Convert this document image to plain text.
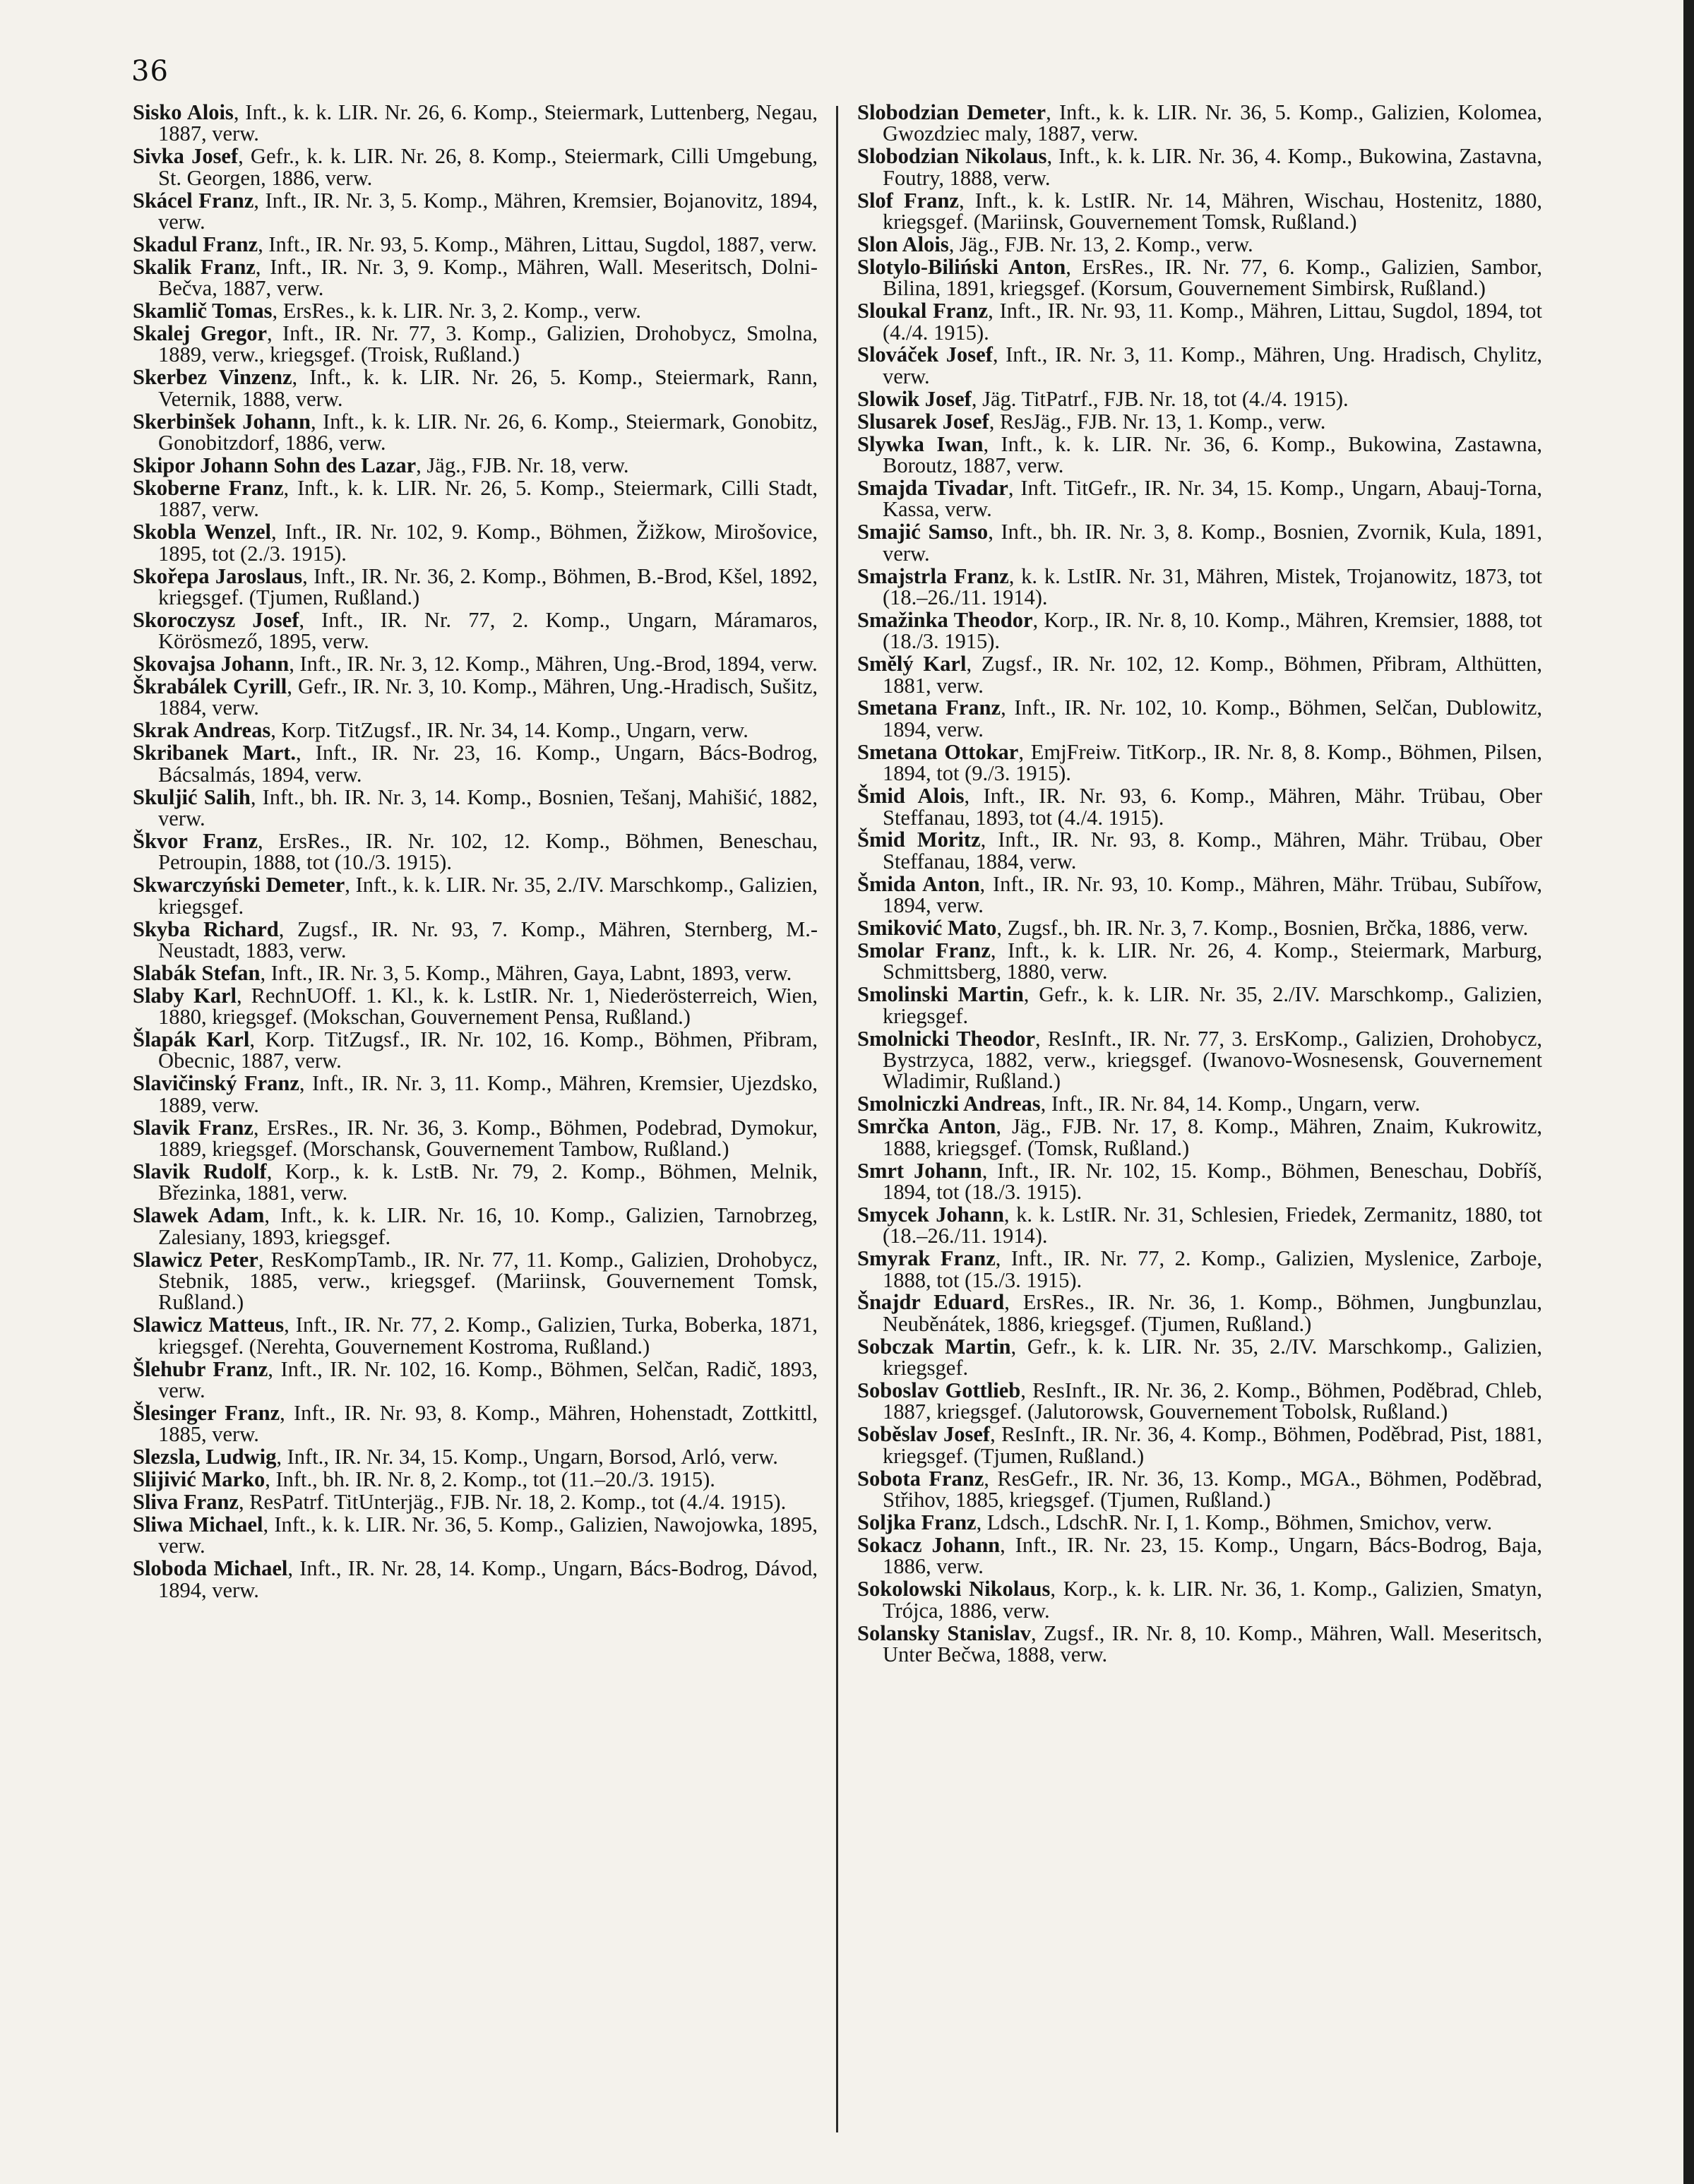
36

Sisko Alois, Inft., k. k. LIR. Nr. 26, 6. Komp., Steiermark, Luttenberg, Negau, 1887, verw.

Sivka Josef, Gefr., k. k. LIR. Nr. 26, 8. Komp., Steiermark, Cilli Umgebung, St. Georgen, 1886, verw.

Skácel Franz, Inft., IR. Nr. 3, 5. Komp., Mähren, Kremsier, Bojanovitz, 1894, verw.

Skadul Franz, Inft., IR. Nr. 93, 5. Komp., Mähren, Littau, Sugdol, 1887, verw.

Skalik Franz, Inft., IR. Nr. 3, 9. Komp., Mähren, Wall. Meseritsch, Dolni-Bečva, 1887, verw.

Skamlič Tomas, ErsRes., k. k. LIR. Nr. 3, 2. Komp., verw.

Skalej Gregor, Inft., IR. Nr. 77, 3. Komp., Galizien, Drohobycz, Smolna, 1889, verw., kriegsgef. (Troisk, Rußland.)

Skerbez Vinzenz, Inft., k. k. LIR. Nr. 26, 5. Komp., Steiermark, Rann, Veternik, 1888, verw.

Skerbinšek Johann, Inft., k. k. LIR. Nr. 26, 6. Komp., Steiermark, Gonobitz, Gonobitzdorf, 1886, verw.

Skipor Johann Sohn des Lazar, Jäg., FJB. Nr. 18, verw.

Skoberne Franz, Inft., k. k. LIR. Nr. 26, 5. Komp., Steiermark, Cilli Stadt, 1887, verw.

Skobla Wenzel, Inft., IR. Nr. 102, 9. Komp., Böhmen, Žižkow, Mirošovice, 1895, tot (2./3. 1915).

Skořepa Jaroslaus, Inft., IR. Nr. 36, 2. Komp., Böhmen, B.-Brod, Kšel, 1892, kriegsgef. (Tjumen, Rußland.)

Skoroczysz Josef, Inft., IR. Nr. 77, 2. Komp., Ungarn, Máramaros, Körösmező, 1895, verw.

Skovajsa Johann, Inft., IR. Nr. 3, 12. Komp., Mähren, Ung.-Brod, 1894, verw.

Škrabálek Cyrill, Gefr., IR. Nr. 3, 10. Komp., Mähren, Ung.-Hradisch, Sušitz, 1884, verw.

Skrak Andreas, Korp. TitZugsf., IR. Nr. 34, 14. Komp., Ungarn, verw.

Skribanek Mart., Inft., IR. Nr. 23, 16. Komp., Ungarn, Bács-Bodrog, Bácsalmás, 1894, verw.

Skuljić Salih, Inft., bh. IR. Nr. 3, 14. Komp., Bosnien, Tešanj, Mahišić, 1882, verw.

Škvor Franz, ErsRes., IR. Nr. 102, 12. Komp., Böhmen, Beneschau, Petroupin, 1888, tot (10./3. 1915).

Skwarczyński Demeter, Inft., k. k. LIR. Nr. 35, 2./IV. Marschkomp., Galizien, kriegsgef.

Skyba Richard, Zugsf., IR. Nr. 93, 7. Komp., Mähren, Sternberg, M.-Neustadt, 1883, verw.

Slabák Stefan, Inft., IR. Nr. 3, 5. Komp., Mähren, Gaya, Labnt, 1893, verw.

Slaby Karl, RechnUOff. 1. Kl., k. k. LstIR. Nr. 1, Niederösterreich, Wien, 1880, kriegsgef. (Mokschan, Gouvernement Pensa, Rußland.)

Šlapák Karl, Korp. TitZugsf., IR. Nr. 102, 16. Komp., Böhmen, Přibram, Obecnic, 1887, verw.

Slavičinský Franz, Inft., IR. Nr. 3, 11. Komp., Mähren, Kremsier, Ujezdsko, 1889, verw.

Slavik Franz, ErsRes., IR. Nr. 36, 3. Komp., Böhmen, Podebrad, Dymokur, 1889, kriegsgef. (Morschansk, Gouvernement Tambow, Rußland.)

Slavik Rudolf, Korp., k. k. LstB. Nr. 79, 2. Komp., Böhmen, Melnik, Březinka, 1881, verw.

Slawek Adam, Inft., k. k. LIR. Nr. 16, 10. Komp., Galizien, Tarnobrzeg, Zalesiany, 1893, kriegsgef.

Slawicz Peter, ResKompTamb., IR. Nr. 77, 11. Komp., Galizien, Drohobycz, Stebnik, 1885, verw., kriegsgef. (Mariinsk, Gouvernement Tomsk, Rußland.)

Slawicz Matteus, Inft., IR. Nr. 77, 2. Komp., Galizien, Turka, Boberka, 1871, kriegsgef. (Nerehta, Gouvernement Kostroma, Rußland.)

Šlehubr Franz, Inft., IR. Nr. 102, 16. Komp., Böhmen, Selčan, Radič, 1893, verw.

Šlesinger Franz, Inft., IR. Nr. 93, 8. Komp., Mähren, Hohenstadt, Zottkittl, 1885, verw.

Slezsla, Ludwig, Inft., IR. Nr. 34, 15. Komp., Ungarn, Borsod, Arló, verw.

Slijivić Marko, Inft., bh. IR. Nr. 8, 2. Komp., tot (11.–20./3. 1915).

Sliva Franz, ResPatrf. TitUnterjäg., FJB. Nr. 18, 2. Komp., tot (4./4. 1915).

Sliwa Michael, Inft., k. k. LIR. Nr. 36, 5. Komp., Galizien, Nawojowka, 1895, verw.

Sloboda Michael, Inft., IR. Nr. 28, 14. Komp., Ungarn, Bács-Bodrog, Dávod, 1894, verw.

Slobodzian Demeter, Inft., k. k. LIR. Nr. 36, 5. Komp., Galizien, Kolomea, Gwozdziec maly, 1887, verw.

Slobodzian Nikolaus, Inft., k. k. LIR. Nr. 36, 4. Komp., Bukowina, Zastavna, Foutry, 1888, verw.

Slof Franz, Inft., k. k. LstIR. Nr. 14, Mähren, Wischau, Hostenitz, 1880, kriegsgef. (Mariinsk, Gouvernement Tomsk, Rußland.)

Slon Alois, Jäg., FJB. Nr. 13, 2. Komp., verw.

Slotylo-Biliński Anton, ErsRes., IR. Nr. 77, 6. Komp., Galizien, Sambor, Bilina, 1891, kriegsgef. (Korsum, Gouvernement Simbirsk, Rußland.)

Sloukal Franz, Inft., IR. Nr. 93, 11. Komp., Mähren, Littau, Sugdol, 1894, tot (4./4. 1915).

Slováček Josef, Inft., IR. Nr. 3, 11. Komp., Mähren, Ung. Hradisch, Chylitz, verw.

Slowik Josef, Jäg. TitPatrf., FJB. Nr. 18, tot (4./4. 1915).

Slusarek Josef, ResJäg., FJB. Nr. 13, 1. Komp., verw.

Slywka Iwan, Inft., k. k. LIR. Nr. 36, 6. Komp., Bukowina, Zastawna, Boroutz, 1887, verw.

Smajda Tivadar, Inft. TitGefr., IR. Nr. 34, 15. Komp., Ungarn, Abauj-Torna, Kassa, verw.

Smajić Samso, Inft., bh. IR. Nr. 3, 8. Komp., Bosnien, Zvornik, Kula, 1891, verw.

Smajstrla Franz, k. k. LstIR. Nr. 31, Mähren, Mistek, Trojanowitz, 1873, tot (18.–26./11. 1914).

Smažinka Theodor, Korp., IR. Nr. 8, 10. Komp., Mähren, Kremsier, 1888, tot (18./3. 1915).

Smělý Karl, Zugsf., IR. Nr. 102, 12. Komp., Böhmen, Přibram, Althütten, 1881, verw.

Smetana Franz, Inft., IR. Nr. 102, 10. Komp., Böhmen, Selčan, Dublowitz, 1894, verw.

Smetana Ottokar, EmjFreiw. TitKorp., IR. Nr. 8, 8. Komp., Böhmen, Pilsen, 1894, tot (9./3. 1915).

Šmid Alois, Inft., IR. Nr. 93, 6. Komp., Mähren, Mähr. Trübau, Ober Steffanau, 1893, tot (4./4. 1915).

Šmid Moritz, Inft., IR. Nr. 93, 8. Komp., Mähren, Mähr. Trübau, Ober Steffanau, 1884, verw.

Šmida Anton, Inft., IR. Nr. 93, 10. Komp., Mähren, Mähr. Trübau, Subířow, 1894, verw.

Smiković Mato, Zugsf., bh. IR. Nr. 3, 7. Komp., Bosnien, Brčka, 1886, verw.

Smolar Franz, Inft., k. k. LIR. Nr. 26, 4. Komp., Steiermark, Marburg, Schmittsberg, 1880, verw.

Smolinski Martin, Gefr., k. k. LIR. Nr. 35, 2./IV. Marschkomp., Galizien, kriegsgef.

Smolnicki Theodor, ResInft., IR. Nr. 77, 3. ErsKomp., Galizien, Drohobycz, Bystrzyca, 1882, verw., kriegsgef. (Iwanovo-Wosnesensk, Gouvernement Wladimir, Rußland.)

Smolniczki Andreas, Inft., IR. Nr. 84, 14. Komp., Ungarn, verw.

Smrčka Anton, Jäg., FJB. Nr. 17, 8. Komp., Mähren, Znaim, Kukrowitz, 1888, kriegsgef. (Tomsk, Rußland.)

Smrt Johann, Inft., IR. Nr. 102, 15. Komp., Böhmen, Beneschau, Dobříš, 1894, tot (18./3. 1915).

Smycek Johann, k. k. LstIR. Nr. 31, Schlesien, Friedek, Zermanitz, 1880, tot (18.–26./11. 1914).

Smyrak Franz, Inft., IR. Nr. 77, 2. Komp., Galizien, Myslenice, Zarboje, 1888, tot (15./3. 1915).

Šnajdr Eduard, ErsRes., IR. Nr. 36, 1. Komp., Böhmen, Jungbunzlau, Neuběnátek, 1886, kriegsgef. (Tjumen, Rußland.)

Sobczak Martin, Gefr., k. k. LIR. Nr. 35, 2./IV. Marschkomp., Galizien, kriegsgef.

Soboslav Gottlieb, ResInft., IR. Nr. 36, 2. Komp., Böhmen, Poděbrad, Chleb, 1887, kriegsgef. (Jalutorowsk, Gouvernement Tobolsk, Rußland.)

Soběslav Josef, ResInft., IR. Nr. 36, 4. Komp., Böhmen, Poděbrad, Pist, 1881, kriegsgef. (Tjumen, Rußland.)

Sobota Franz, ResGefr., IR. Nr. 36, 13. Komp., MGA., Böhmen, Poděbrad, Střihov, 1885, kriegsgef. (Tjumen, Rußland.)

Soljka Franz, Ldsch., LdschR. Nr. I, 1. Komp., Böhmen, Smichov, verw.

Sokacz Johann, Inft., IR. Nr. 23, 15. Komp., Ungarn, Bács-Bodrog, Baja, 1886, verw.

Sokolowski Nikolaus, Korp., k. k. LIR. Nr. 36, 1. Komp., Galizien, Smatyn, Trójca, 1886, verw.

Solansky Stanislav, Zugsf., IR. Nr. 8, 10. Komp., Mähren, Wall. Meseritsch, Unter Bečwa, 1888, verw.
